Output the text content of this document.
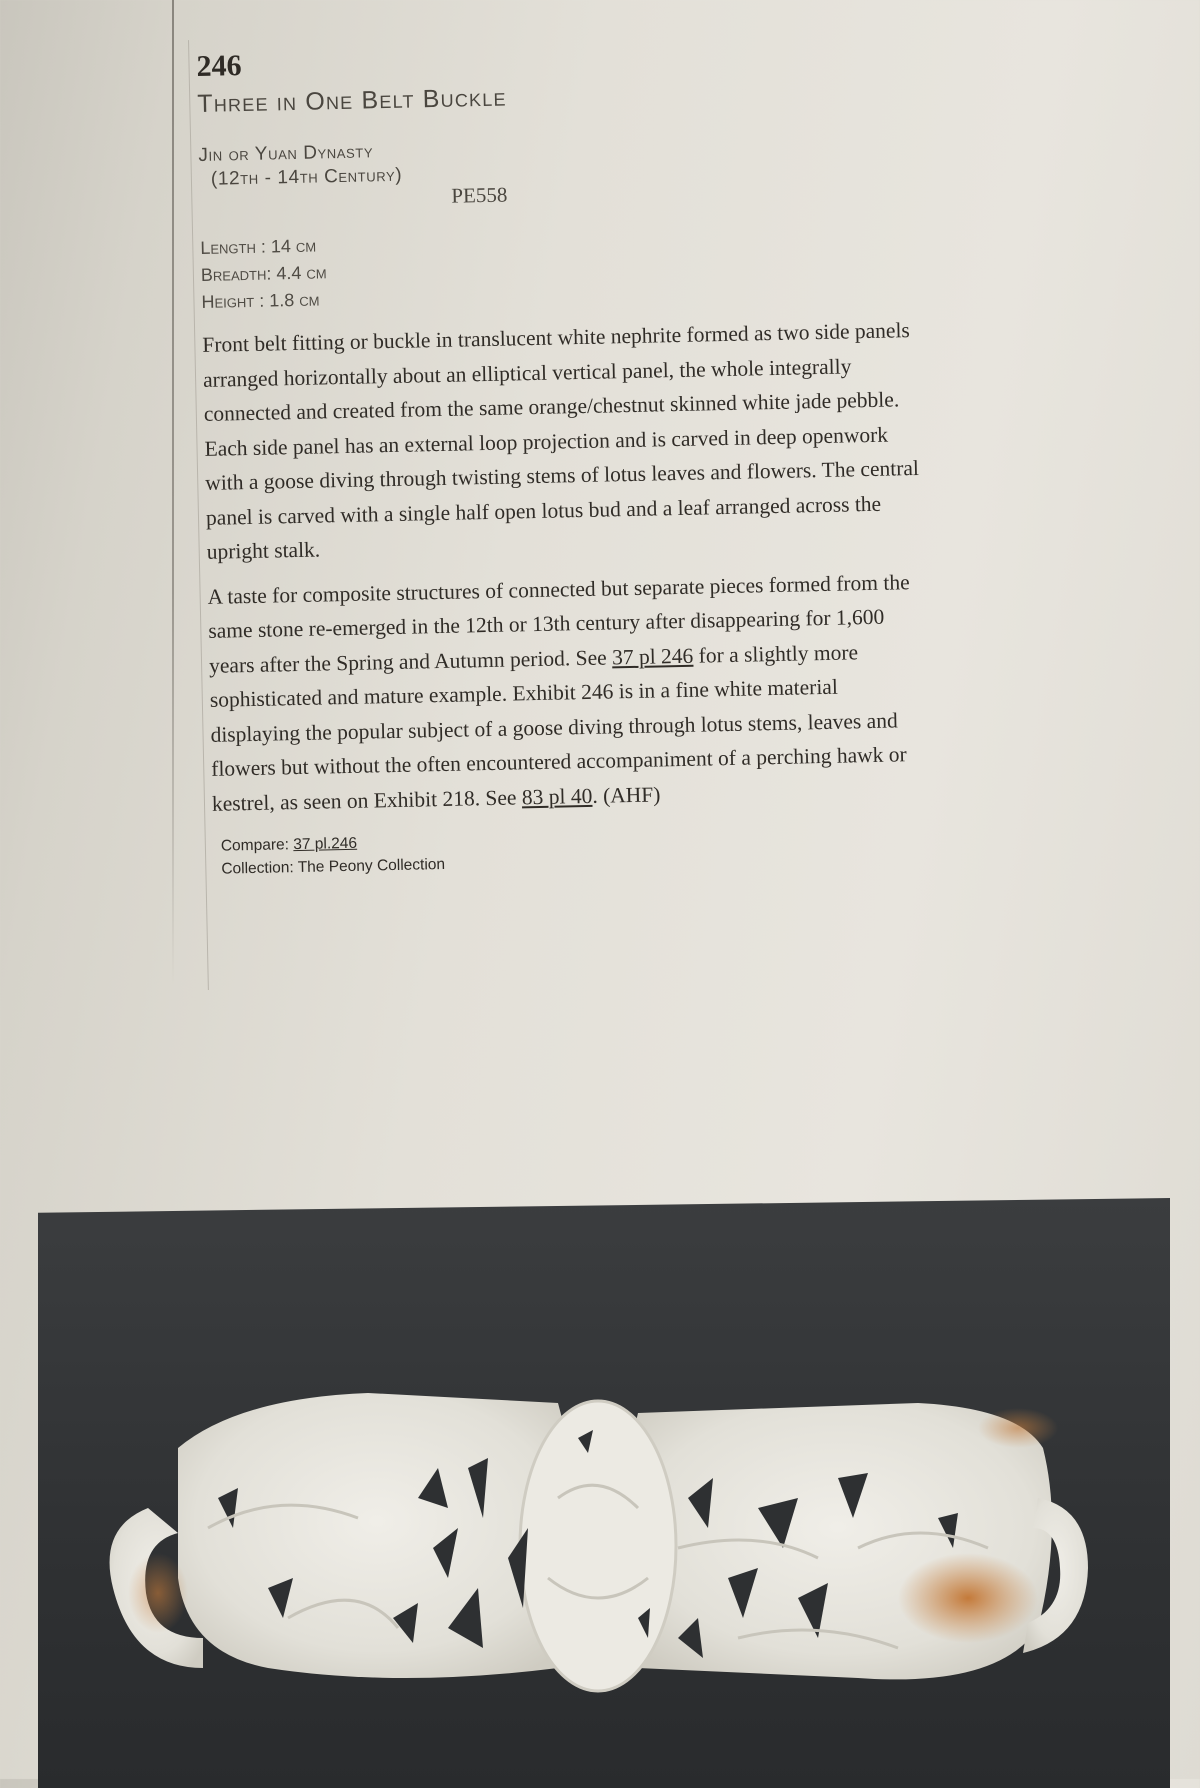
246
Three in One Belt Buckle
Jin or Yuan Dynasty
(12th - 14th Century)
PE558
Length : 14 cm
Breadth: 4.4 cm
Height : 1.8 cm

Front belt fitting or buckle in translucent white nephrite formed as two side panels arranged horizontally about an elliptical vertical panel, the whole integrally connected and created from the same orange/chestnut skinned white jade pebble. Each side panel has an external loop projection and is carved in deep openwork with a goose diving through twisting stems of lotus leaves and flowers. The central panel is carved with a single half open lotus bud and a leaf arranged across the upright stalk.

A taste for composite structures of connected but separate pieces formed from the same stone re-emerged in the 12th or 13th century after disappearing for 1,600 years after the Spring and Autumn period. See 37 pl 246 for a slightly more sophisticated and mature example. Exhibit 246 is in a fine white material displaying the popular subject of a goose diving through lotus stems, leaves and flowers but without the often encountered accompaniment of a perching hawk or kestrel, as seen on Exhibit 218. See 83 pl 40. (AHF)

Compare: 37 pl.246
Collection: The Peony Collection
